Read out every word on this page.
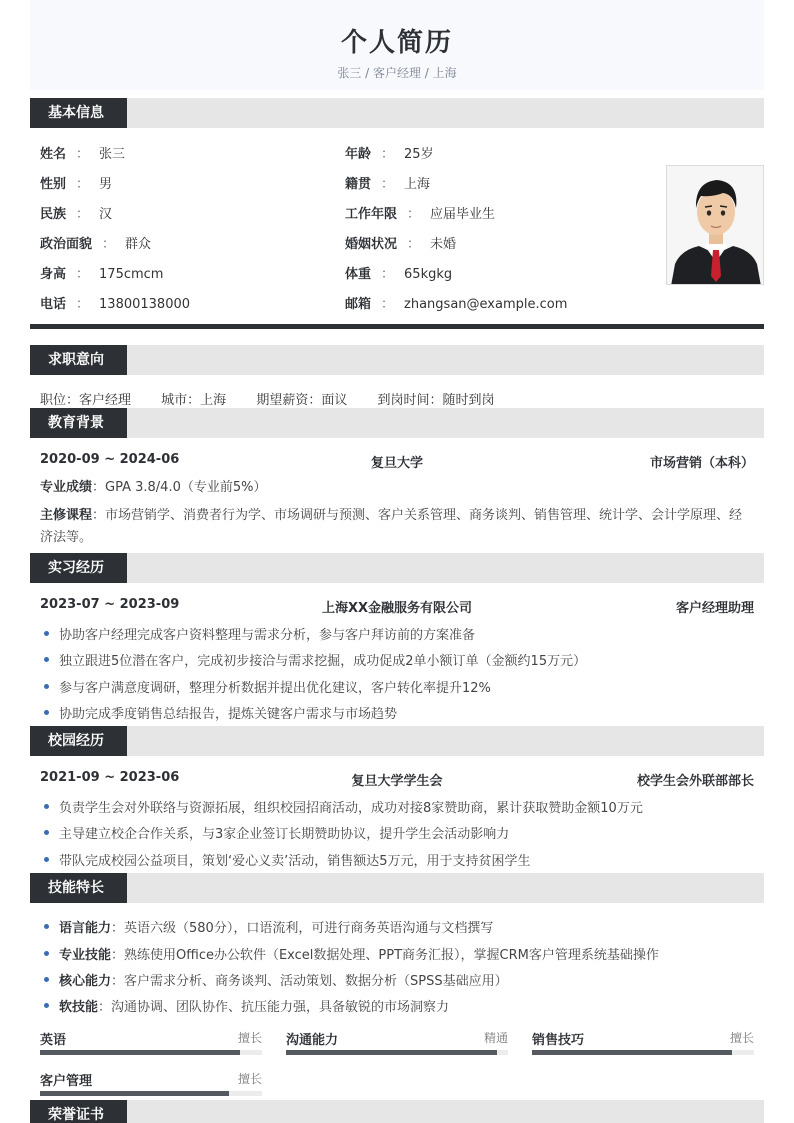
个人简历
张三 / 客户经理 / 上海
基本信息
姓名 ： 张三
性别 ： 男
民族 ： 汉
政治面貌 ： 群众
身高 ： 175cmcm
电话 ： 13800138000
年龄 ： 25岁
籍贯 ： 上海
工作年限 ： 应届毕业生
婚姻状况 ： 未婚
体重 ： 65kgkg
邮箱 ： zhangsan@example.com
求职意向
职位：客户经理 城市：上海 期望薪资：面议 到岗时间：随时到岗
教育背景
2020-09 ~ 2024-06	复旦大学	市场营销（本科）
专业成绩：GPA 3.8/4.0（专业前5%）
主修课程：市场营销学、消费者行为学、市场调研与预测、客户关系管理、商务谈判、销售管理、统计学、会计学原理、经济法等。
实习经历
2023-07 ~ 2023-09	上海XX金融服务有限公司	客户经理助理
协助客户经理完成客户资料整理与需求分析，参与客户拜访前的方案准备
独立跟进5位潜在客户，完成初步接洽与需求挖掘，成功促成2单小额订单（金额约15万元）
参与客户满意度调研，整理分析数据并提出优化建议，客户转化率提升12%
协助完成季度销售总结报告，提炼关键客户需求与市场趋势
校园经历
2021-09 ~ 2023-06	复旦大学学生会	校学生会外联部部长
负责学生会对外联络与资源拓展，组织校园招商活动，成功对接8家赞助商，累计获取赞助金额10万元
主导建立校企合作关系，与3家企业签订长期赞助协议，提升学生会活动影响力
带队完成校园公益项目，策划‘爱心义卖’活动，销售额达5万元，用于支持贫困学生
技能特长
语言能力：英语六级（580分），口语流利，可进行商务英语沟通与文档撰写
专业技能：熟练使用Office办公软件（Excel数据处理、PPT商务汇报），掌握CRM客户管理系统基础操作
核心能力：客户需求分析、商务谈判、活动策划、数据分析（SPSS基础应用）
软技能：沟通协调、团队协作、抗压能力强，具备敏锐的市场洞察力
英语	擅长 沟通能力	精通 销售技巧	擅长
客户管理	擅长
荣誉证书
